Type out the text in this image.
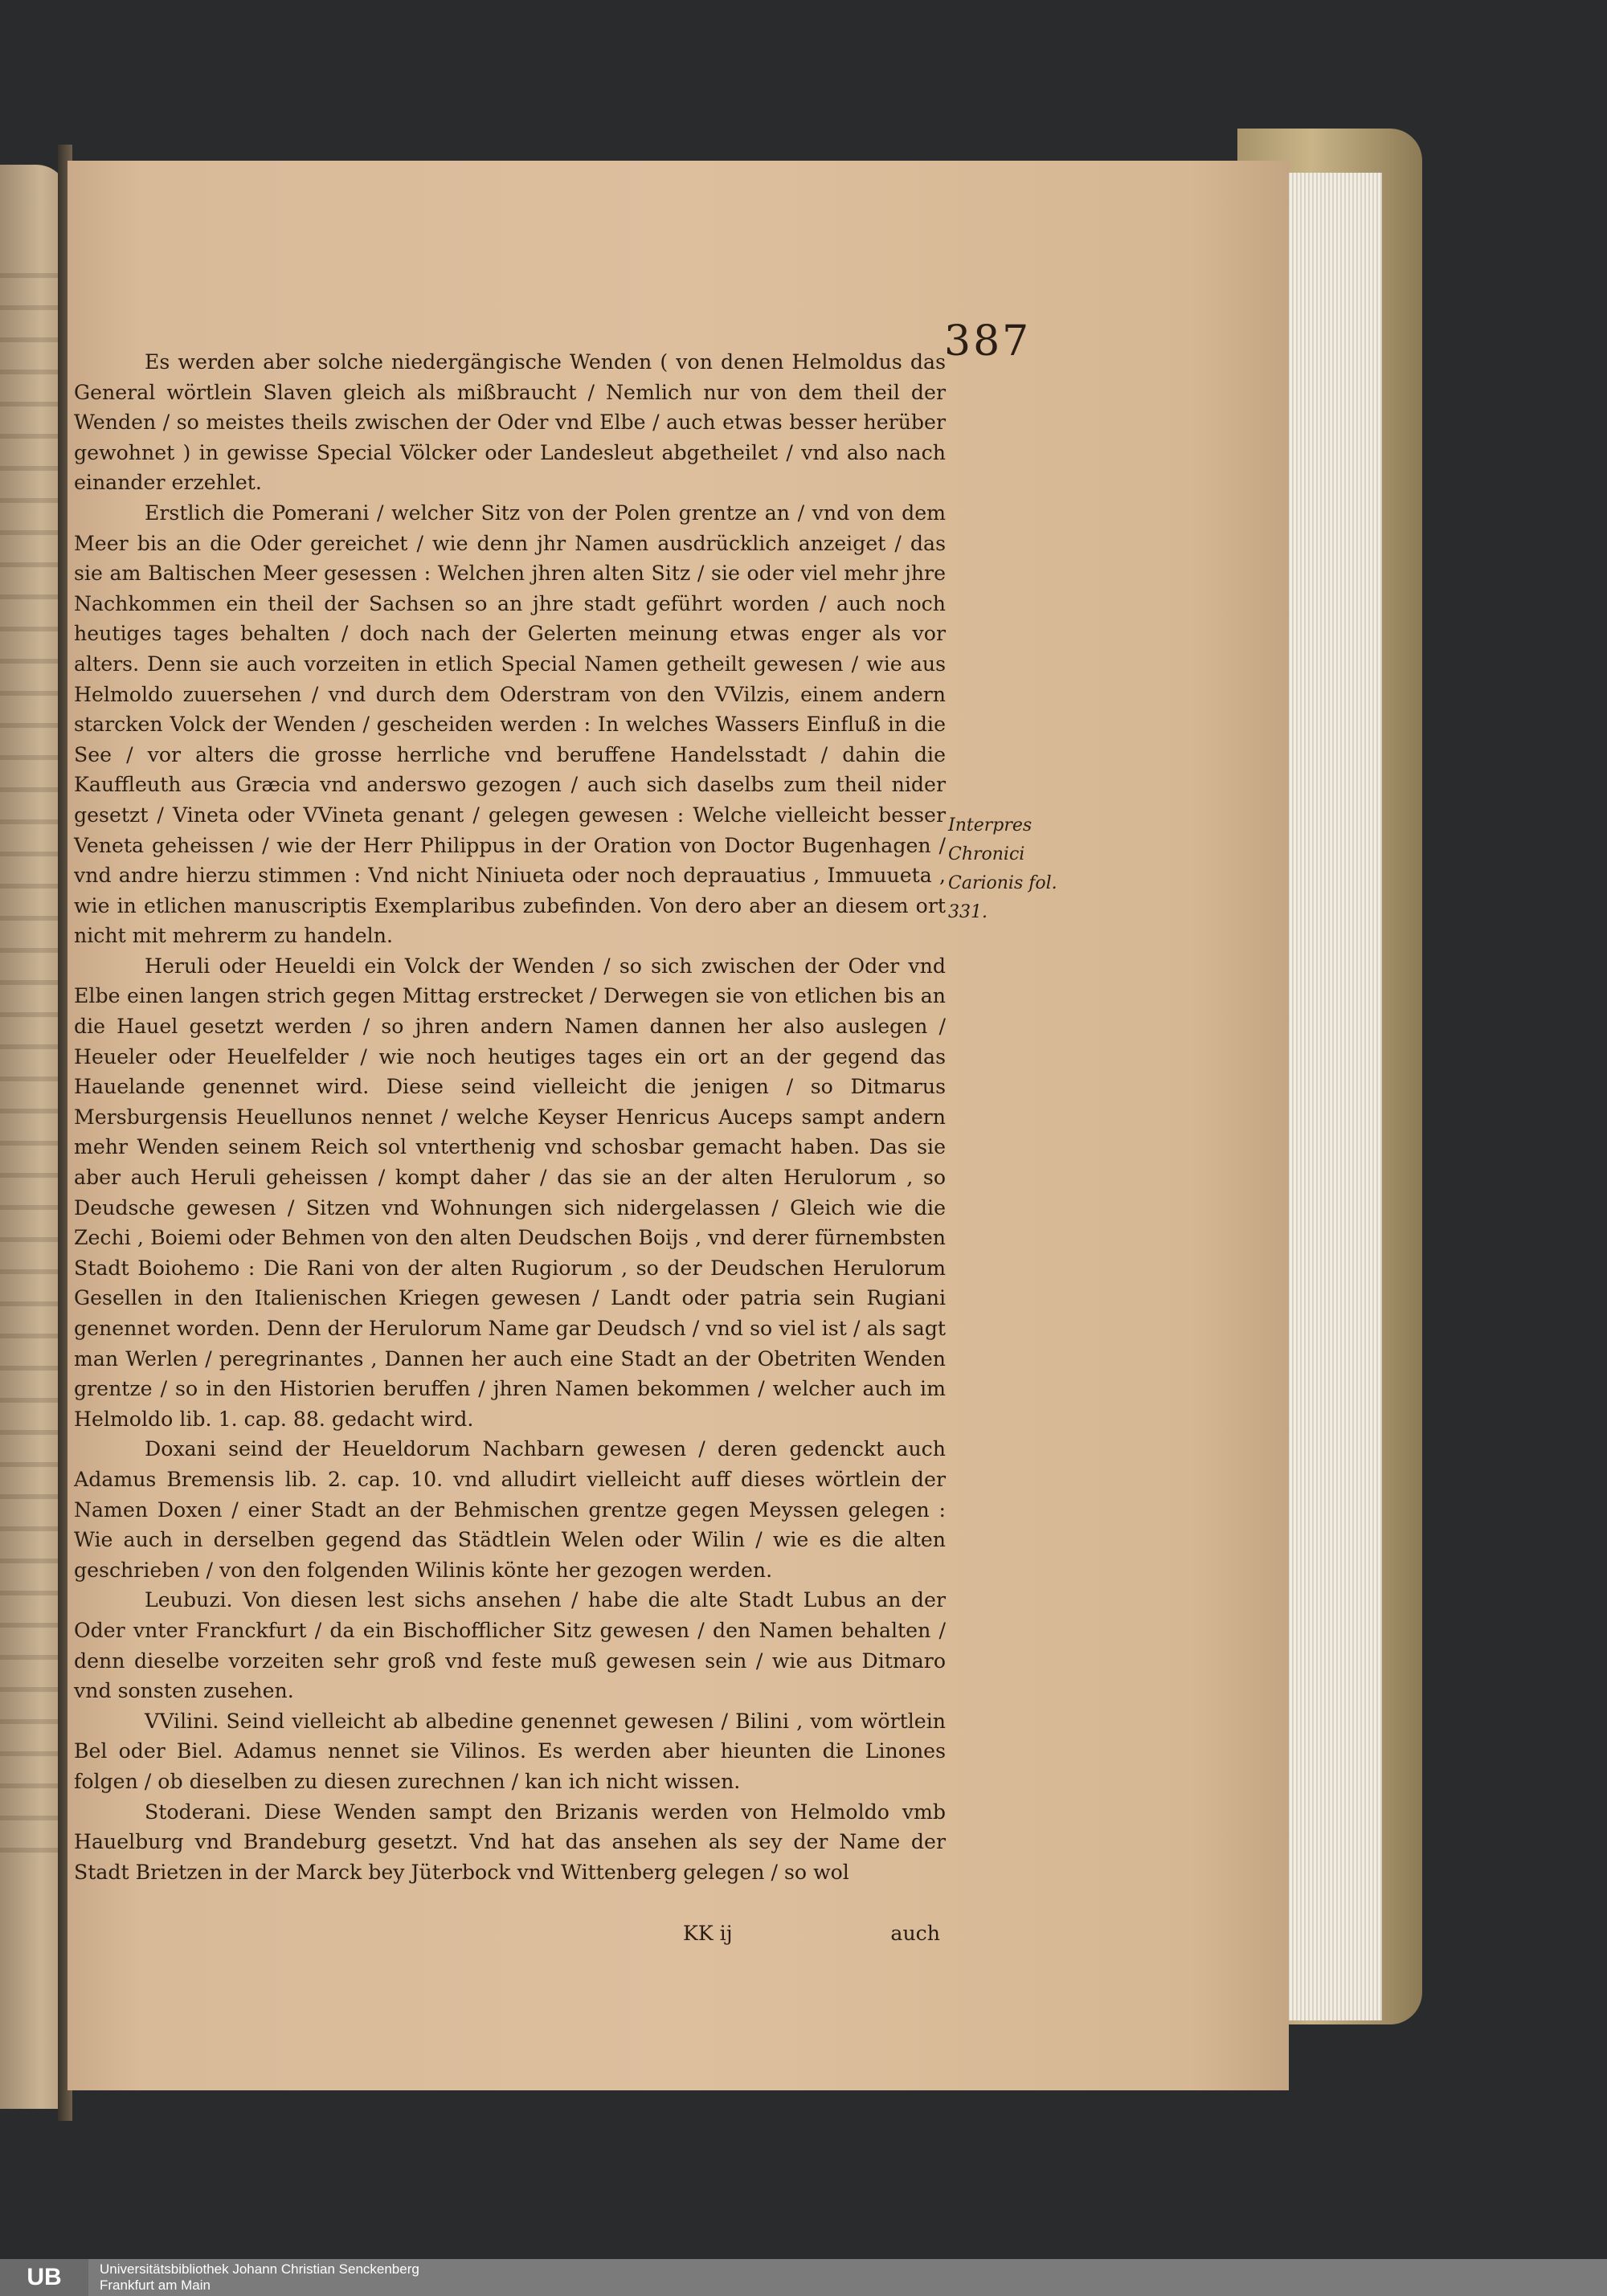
387

Es werden aber solche niedergängische Wenden ( von denen Helmoldus das General wörtlein Slaven gleich als mißbraucht / Nemlich nur von dem theil der Wenden / so meistes theils zwischen der Oder vnd Elbe / auch etwas besser herüber gewohnet ) in gewisse Special Völcker oder Landesleut abgetheilet / vnd also nach einander erzehlet.

Erstlich die Pomerani / welcher Sitz von der Polen grentze an / vnd von dem Meer bis an die Oder gereichet / wie denn jhr Namen ausdrücklich anzeiget / das sie am Baltischen Meer gesessen : Welchen jhren alten Sitz / sie oder viel mehr jhre Nachkommen ein theil der Sachsen so an jhre stadt geführt worden / auch noch heutiges tages behalten / doch nach der Gelerten meinung etwas enger als vor alters. Denn sie auch vorzeiten in etlich Special Namen getheilt gewesen / wie aus Helmoldo zuuersehen / vnd durch dem Oderstram von den VVilzis, einem andern starcken Volck der Wenden / gescheiden werden : In welches Wassers Einfluß in die See / vor alters die grosse herrliche vnd beruffene Handelsstadt / dahin die Kauffleuth aus Græcia vnd anderswo gezogen / auch sich daselbs zum theil nider gesetzt / Vineta oder VVineta genant / gelegen gewesen : Welche vielleicht besser Veneta geheissen / wie der Herr Philippus in der Oration von Doctor Bugenhagen / vnd andre hierzu stimmen : Vnd nicht Niniueta oder noch deprauatius , Immuueta , wie in etlichen manuscriptis Exemplaribus zubefinden. Von dero aber an diesem ort nicht mit mehrerm zu handeln.

Heruli oder Heueldi ein Volck der Wenden / so sich zwischen der Oder vnd Elbe einen langen strich gegen Mittag erstrecket / Derwegen sie von etlichen bis an die Hauel gesetzt werden / so jhren andern Namen dannen her also auslegen / Heueler oder Heuelfelder / wie noch heutiges tages ein ort an der gegend das Hauelande genennet wird. Diese seind vielleicht die jenigen / so Ditmarus Mersburgensis Heuellunos nennet / welche Keyser Henricus Auceps sampt andern mehr Wenden seinem Reich sol vnterthenig vnd schosbar gemacht haben. Das sie aber auch Heruli geheissen / kompt daher / das sie an der alten Herulorum , so Deudsche gewesen / Sitzen vnd Wohnungen sich nidergelassen / Gleich wie die Zechi , Boiemi oder Behmen von den alten Deudschen Boijs , vnd derer fürnembsten Stadt Boiohemo : Die Rani von der alten Rugiorum , so der Deudschen Herulorum Gesellen in den Italienischen Kriegen gewesen / Landt oder patria sein Rugiani genennet worden. Denn der Herulorum Name gar Deudsch / vnd so viel ist / als sagt man Werlen / peregrinantes , Dannen her auch eine Stadt an der Obetriten Wenden grentze / so in den Historien beruffen / jhren Namen bekommen / welcher auch im Helmoldo lib. 1. cap. 88. gedacht wird.

Doxani seind der Heueldorum Nachbarn gewesen / deren gedenckt auch Adamus Bremensis lib. 2. cap. 10. vnd alludirt vielleicht auff dieses wörtlein der Namen Doxen / einer Stadt an der Behmischen grentze gegen Meyssen gelegen : Wie auch in derselben gegend das Städtlein Welen oder Wilin / wie es die alten geschrieben / von den folgenden Wilinis könte her gezogen werden.

Leubuzi. Von diesen lest sichs ansehen / habe die alte Stadt Lubus an der Oder vnter Franckfurt / da ein Bischofflicher Sitz gewesen / den Namen behalten / denn dieselbe vorzeiten sehr groß vnd feste muß gewesen sein / wie aus Ditmaro vnd sonsten zusehen.

VVilini. Seind vielleicht ab albedine genennet gewesen / Bilini , vom wörtlein Bel oder Biel. Adamus nennet sie Vilinos. Es werden aber hieunten die Linones folgen / ob dieselben zu diesen zurechnen / kan ich nicht wissen.

Stoderani. Diese Wenden sampt den Brizanis werden von Helmoldo vmb Hauelburg vnd Brandeburg gesetzt. Vnd hat das ansehen als sey der Name der Stadt Brietzen in der Marck bey Jüterbock vnd Wittenberg gelegen / so wol

Interpres
Chronici
Carionis fol.
331.
KK ij	auch
UB	Universitätsbibliothek Johann Christian Senckenberg
Frankfurt am Main
